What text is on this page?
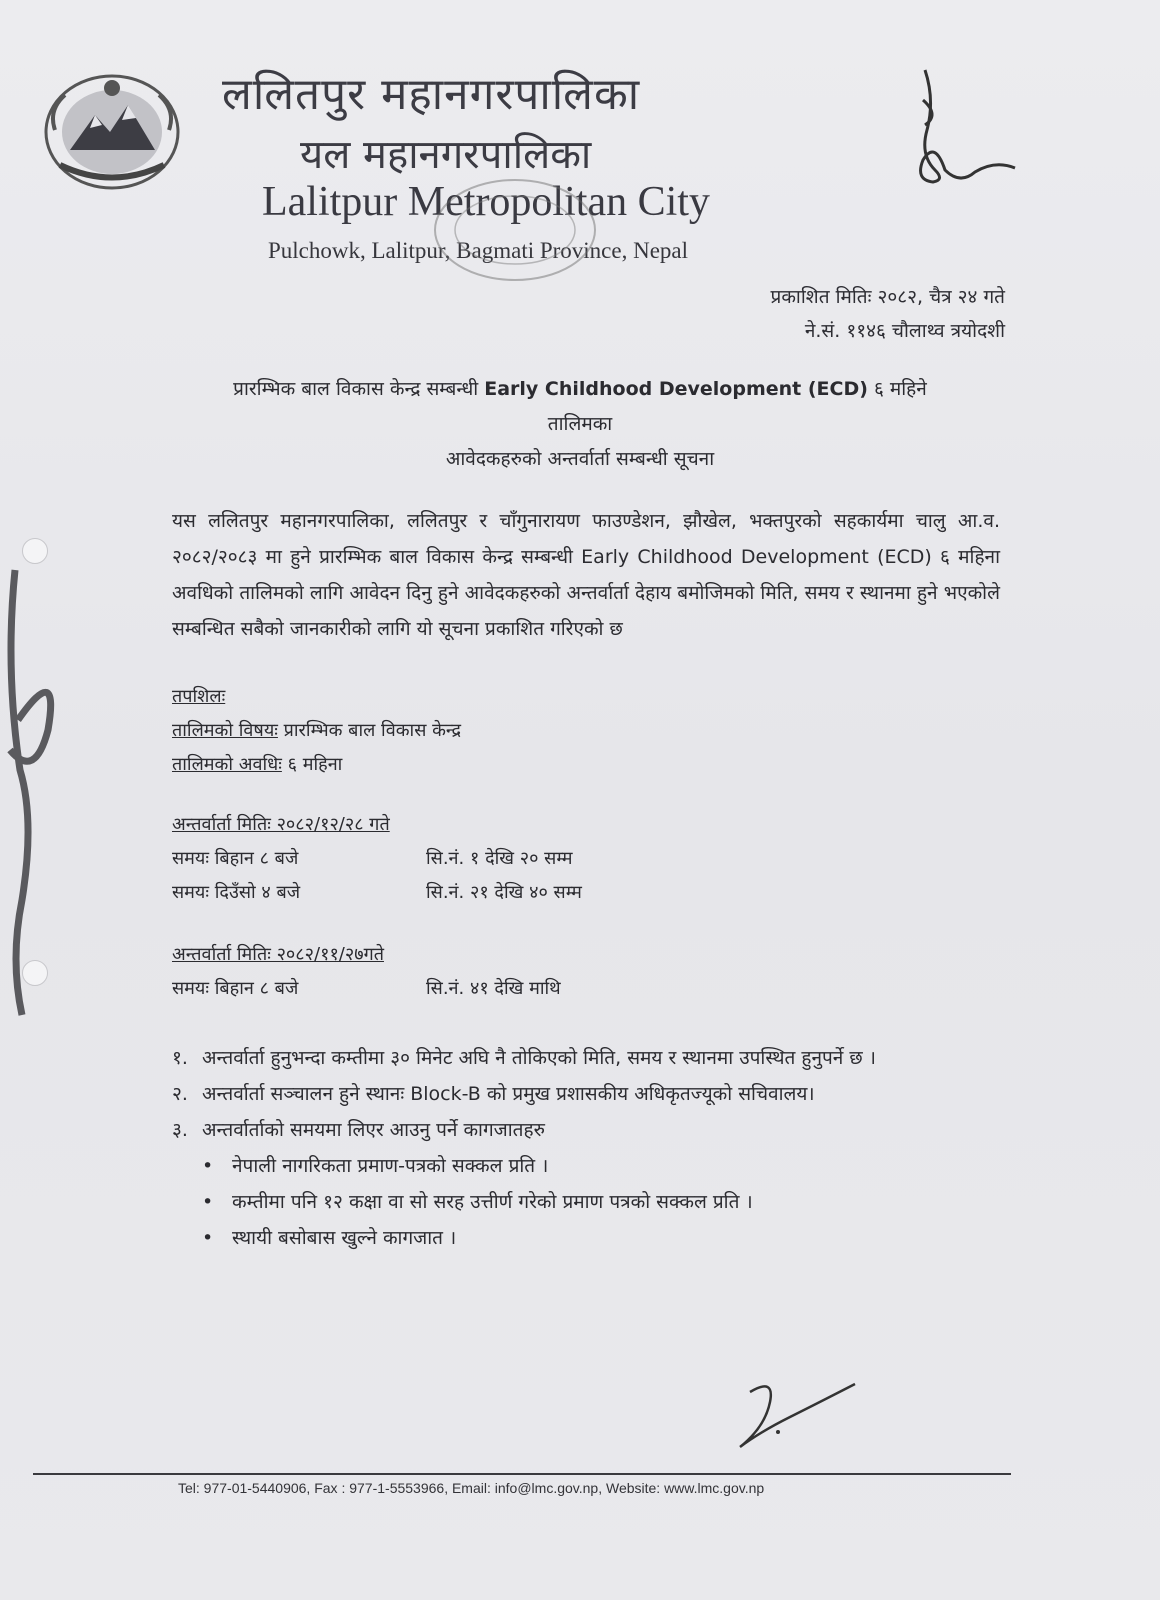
ललितपुर महानगरपालिका
यल महानगरपालिका
Lalitpur Metropolitan City
Pulchowk, Lalitpur, Bagmati Province, Nepal
प्रकाशित मितिः २०८२, चैत्र २४ गते
ने.सं. ११४६ चौलाथ्व त्रयोदशी
प्रारम्भिक बाल विकास केन्द्र सम्बन्धी Early Childhood Development (ECD) ६ महिने
तालिमका
आवेदकहरुको अन्तर्वार्ता सम्बन्धी सूचना
यस ललितपुर महानगरपालिका, ललितपुर र चाँगुनारायण फाउण्डेशन, झौखेल, भक्तपुरको सहकार्यमा चालु आ.व. २०८२/२०८३ मा हुने प्रारम्भिक बाल विकास केन्द्र सम्बन्धी Early Childhood Development (ECD) ६ महिना अवधिको तालिमको लागि आवेदन दिनु हुने आवेदकहरुको अन्तर्वार्ता देहाय बमोजिमको मिति, समय र स्थानमा हुने भएकोले सम्बन्धित सबैको जानकारीको लागि यो सूचना प्रकाशित गरिएको छ
तपशिलः
तालिमको विषयः प्रारम्भिक बाल विकास केन्द्र
तालिमको अवधिः ६ महिना
अन्तर्वार्ता मितिः २०८२/१२/२८ गते
समयः बिहान ८ बजे	सि.नं. १ देखि २० सम्म
समयः दिउँसो ४ बजे	सि.नं. २१ देखि ४० सम्म
अन्तर्वार्ता मितिः २०८२/११/२७गते
समयः बिहान ८ बजे	सि.नं. ४१ देखि माथि
१. अन्तर्वार्ता हुनुभन्दा कम्तीमा ३० मिनेट अघि नै तोकिएको मिति, समय र स्थानमा उपस्थित हुनुपर्ने छ ।
२. अन्तर्वार्ता सञ्चालन हुने स्थानः Block-B को प्रमुख प्रशासकीय अधिकृतज्यूको सचिवालय।
३. अन्तर्वार्ताको समयमा लिएर आउनु पर्ने कागजातहरु
• नेपाली नागरिकता प्रमाण-पत्रको सक्कल प्रति ।
• कम्तीमा पनि १२ कक्षा वा सो सरह उत्तीर्ण गरेको प्रमाण पत्रको सक्कल प्रति ।
• स्थायी बसोबास खुल्ने कागजात ।
Tel: 977-01-5440906, Fax : 977-1-5553966, Email: info@lmc.gov.np, Website: www.lmc.gov.np
